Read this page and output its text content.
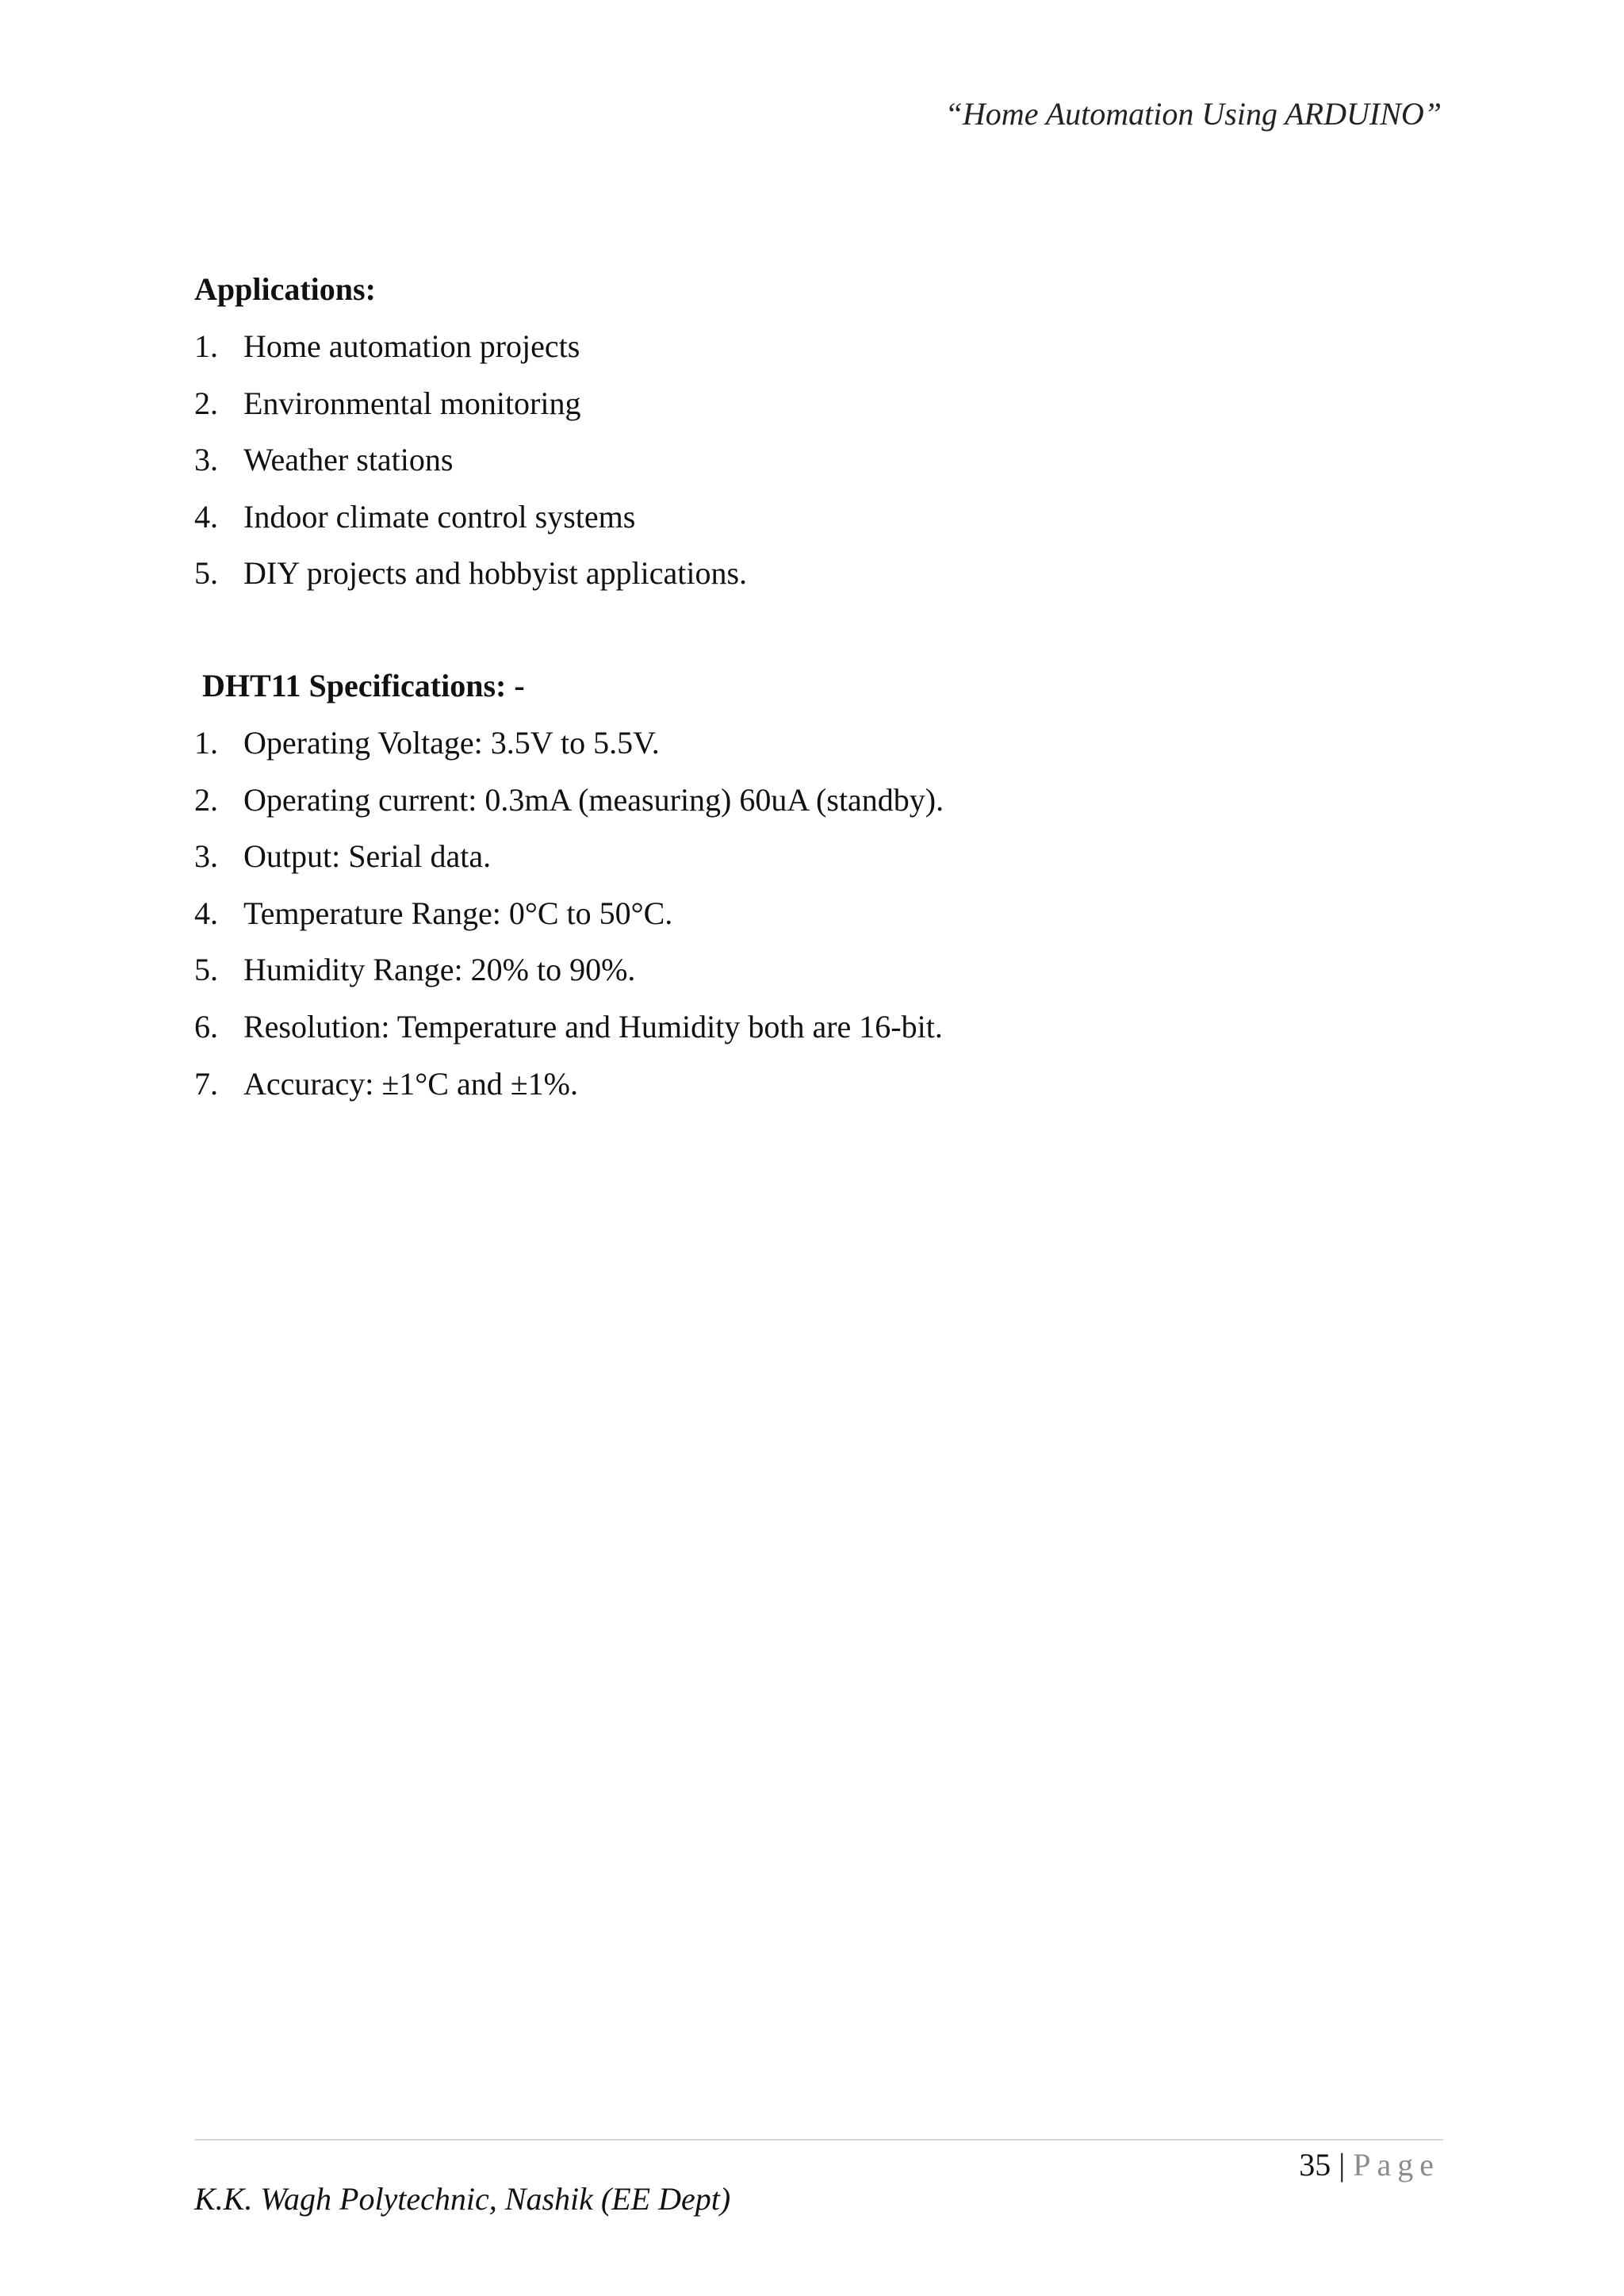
“Home Automation Using ARDUINO”
Applications:
1. Home automation projects
2. Environmental monitoring
3. Weather stations
4. Indoor climate control systems
5. DIY projects and hobbyist applications.
DHT11 Specifications: -
1. Operating Voltage: 3.5V to 5.5V.
2. Operating current: 0.3mA (measuring) 60uA (standby).
3. Output: Serial data.
4. Temperature Range: 0°C to 50°C.
5. Humidity Range: 20% to 90%.
6. Resolution: Temperature and Humidity both are 16-bit.
7. Accuracy: ±1°C and ±1%.
35 | Page
K.K. Wagh Polytechnic, Nashik (EE Dept)
